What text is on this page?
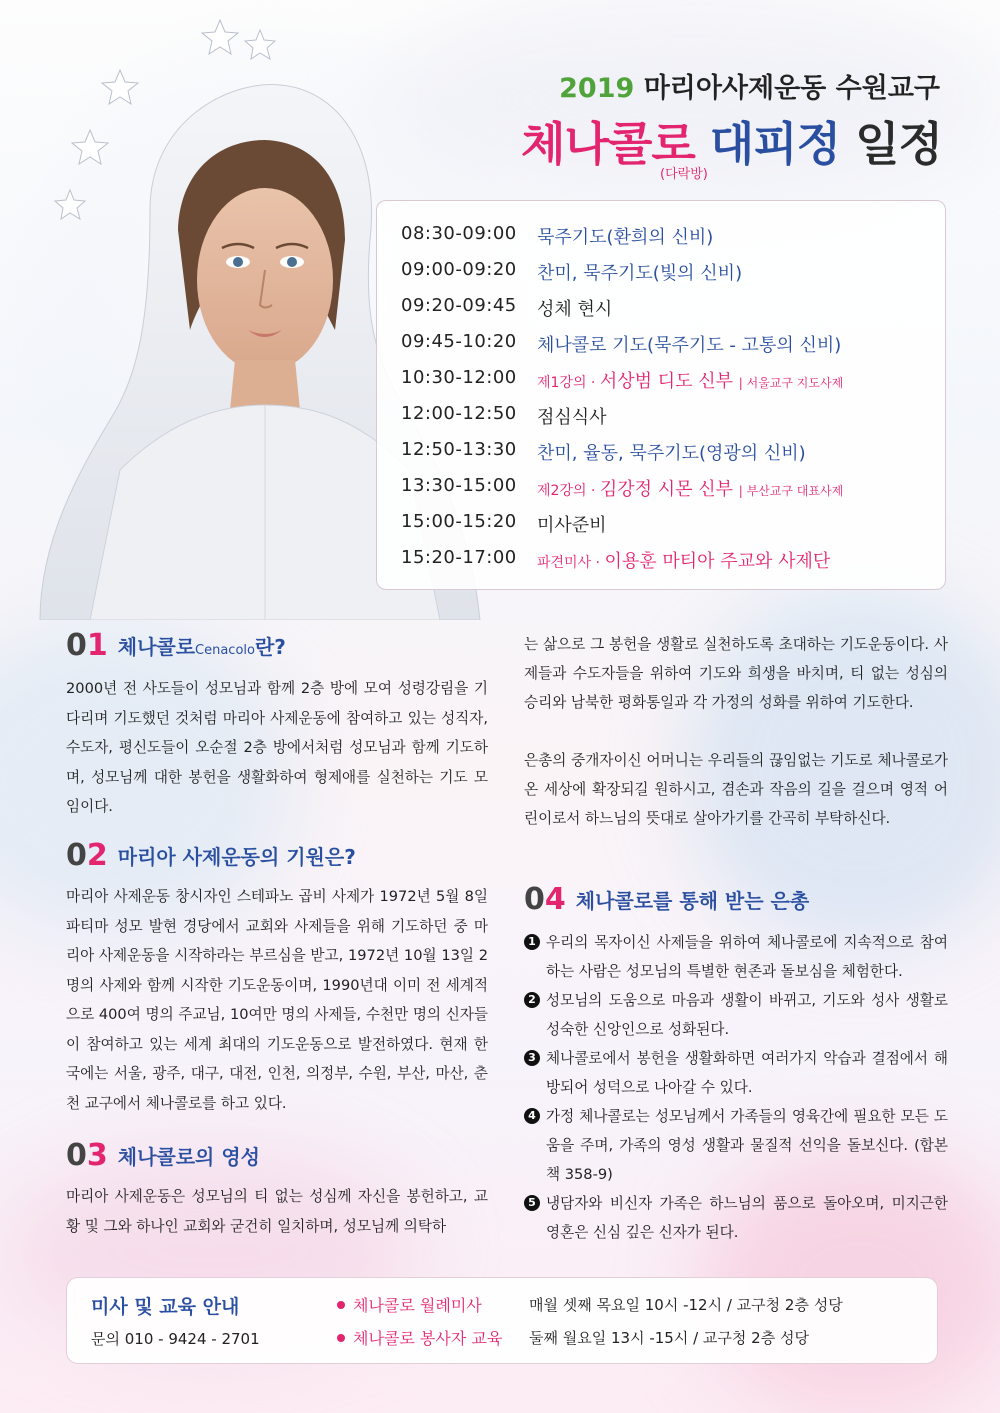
2019 마리아사제운동 수원교구
체나콜로 대피정 일정
(다락방)
08:30-09:00 묵주기도(환희의 신비)
09:00-09:20 찬미, 묵주기도(빛의 신비)
09:20-09:45 성체 현시
09:45-10:20 체나콜로 기도(묵주기도 - 고통의 신비)
10:30-12:00 제1강의 · 서상범 디도 신부 | 서울교구 지도사제
12:00-12:50 점심식사
12:50-13:30 찬미, 율동, 묵주기도(영광의 신비)
13:30-15:00 제2강의 · 김강정 시몬 신부 | 부산교구 대표사제
15:00-15:20 미사준비
15:20-17:00 파견미사 · 이용훈 마티아 주교와 사제단
01 체나콜로Cenacolo란?
2000년 전 사도들이 성모님과 함께 2층 방에 모여 성령강림을 기다리며 기도했던 것처럼 마리아 사제운동에 참여하고 있는 성직자, 수도자, 평신도들이 오순절 2층 방에서처럼 성모님과 함께 기도하며, 성모님께 대한 봉헌을 생활화하여 형제애를 실천하는 기도 모임이다.
02 마리아 사제운동의 기원은?
마리아 사제운동 창시자인 스테파노 곱비 사제가 1972년 5월 8일 파티마 성모 발현 경당에서 교회와 사제들을 위해 기도하던 중 마리아 사제운동을 시작하라는 부르심을 받고, 1972년 10월 13일 2명의 사제와 함께 시작한 기도운동이며, 1990년대 이미 전 세계적으로 400여 명의 주교님, 10여만 명의 사제들, 수천만 명의 신자들이 참여하고 있는 세계 최대의 기도운동으로 발전하였다. 현재 한국에는 서울, 광주, 대구, 대전, 인천, 의정부, 수원, 부산, 마산, 춘천 교구에서 체나콜로를 하고 있다.
03 체나콜로의 영성
마리아 사제운동은 성모님의 티 없는 성심께 자신을 봉헌하고, 교황 및 그와 하나인 교회와 굳건히 일치하며, 성모님께 의탁하
는 삶으로 그 봉헌을 생활로 실천하도록 초대하는 기도운동이다. 사제들과 수도자들을 위하여 기도와 희생을 바치며, 티 없는 성심의 승리와 남북한 평화통일과 각 가정의 성화를 위하여 기도한다.
은총의 중개자이신 어머니는 우리들의 끊임없는 기도로 체나콜로가 온 세상에 확장되길 원하시고, 겸손과 작음의 길을 걸으며 영적 어린이로서 하느님의 뜻대로 살아가기를 간곡히 부탁하신다.
04 체나콜로를 통해 받는 은총
1 우리의 목자이신 사제들을 위하여 체나콜로에 지속적으로 참여하는 사람은 성모님의 특별한 현존과 돌보심을 체험한다.
2 성모님의 도움으로 마음과 생활이 바뀌고, 기도와 성사 생활로 성숙한 신앙인으로 성화된다.
3 체나콜로에서 봉헌을 생활화하면 여러가지 악습과 결점에서 해방되어 성덕으로 나아갈 수 있다.
4 가정 체나콜로는 성모님께서 가족들의 영육간에 필요한 모든 도움을 주며, 가족의 영성 생활과 물질적 선익을 돌보신다. (합본책 358-9)
5 냉담자와 비신자 가족은 하느님의 품으로 돌아오며, 미지근한 영혼은 신심 깊은 신자가 된다.
미사 및 교육 안내
문의 010 - 9424 - 2701
체나콜로 월례미사	매월 셋째 목요일 10시 -12시 / 교구청 2층 성당
체나콜로 봉사자 교육 둘째 월요일 13시 -15시 / 교구청 2층 성당
